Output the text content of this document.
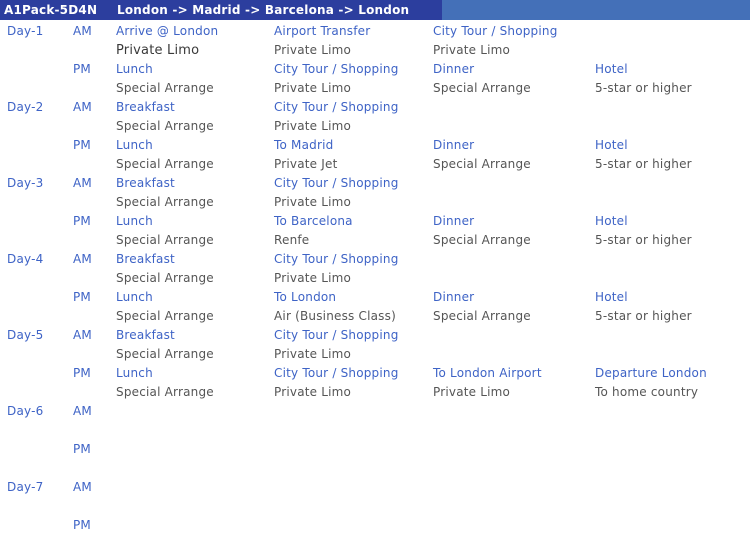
A1Pack-5D4N London -> Madrid -> Barcelona -> London
Day-1 AM Arrive @ London	Airport Transfer	City Tour / Shopping
Private Limo	Private Limo	Private Limo
PM Lunch	City Tour / Shopping	Dinner	Hotel
Special Arrange	Private Limo	Special Arrange	5-star or higher
Day-2 AM Breakfast	City Tour / Shopping
Special Arrange	Private Limo
PM Lunch	To Madrid	Dinner	Hotel
Special Arrange	Private Jet	Special Arrange	5-star or higher
Day-3 AM Breakfast	City Tour / Shopping
Special Arrange	Private Limo
PM Lunch	To Barcelona	Dinner	Hotel
Special Arrange	Renfe	Special Arrange	5-star or higher
Day-4 AM Breakfast	City Tour / Shopping
Special Arrange	Private Limo
PM Lunch	To London	Dinner	Hotel
Special Arrange	Air (Business Class)	Special Arrange	5-star or higher
Day-5 AM Breakfast	City Tour / Shopping
Special Arrange	Private Limo
PM Lunch	City Tour / Shopping	To London Airport	Departure London
Special Arrange	Private Limo	Private Limo	To home country
Day-6 AM
PM
Day-7 AM
PM
